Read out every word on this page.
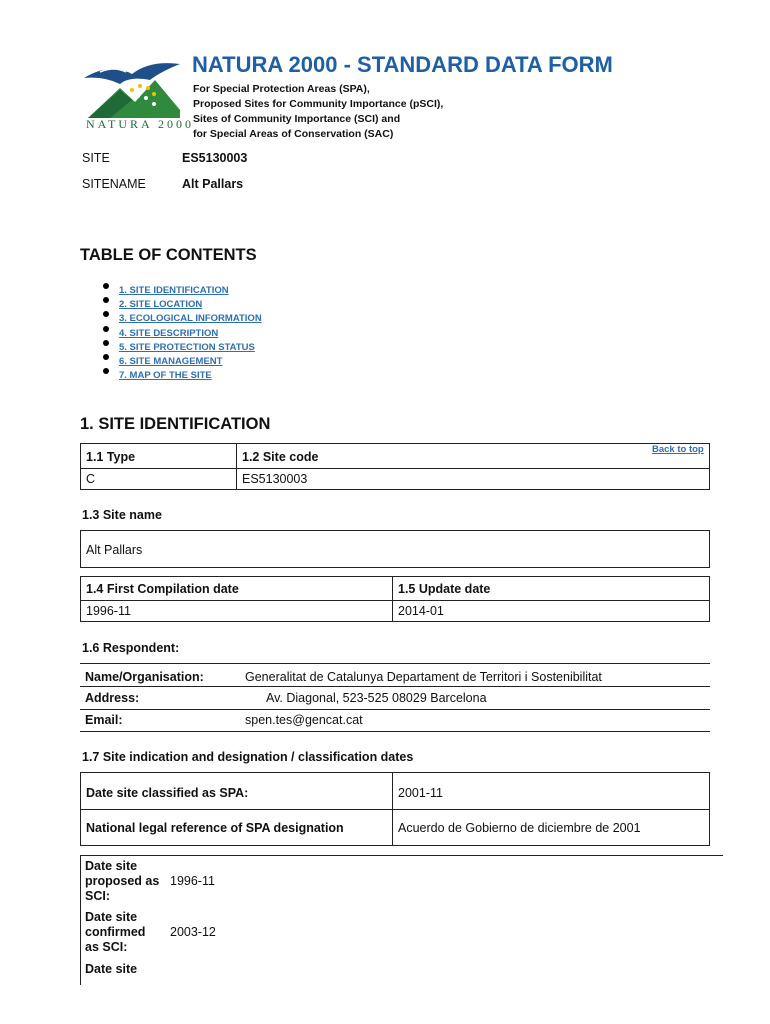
NATURA 2000
NATURA 2000 - STANDARD DATA FORM
For Special Protection Areas (SPA),
Proposed Sites for Community Importance (pSCI),
Sites of Community Importance (SCI) and
for Special Areas of Conservation (SAC)
SITE	ES5130003
SITENAME	Alt Pallars
TABLE OF CONTENTS
1. SITE IDENTIFICATION
2. SITE LOCATION
3. ECOLOGICAL INFORMATION
4. SITE DESCRIPTION
5. SITE PROTECTION STATUS
6. SITE MANAGEMENT
7. MAP OF THE SITE
1. SITE IDENTIFICATION
Back to top
1.1 Type	1.2 Site code
C	ES5130003
1.3 Site name
Alt Pallars
1.4 First Compilation date	1.5 Update date
1996-11	2014-01
1.6 Respondent:
Name/Organisation:	Generalitat de Catalunya Departament de Territori i Sostenibilitat
Address:	Av. Diagonal, 523-525 08029 Barcelona
Email:	spen.tes@gencat.cat
1.7 Site indication and designation / classification dates
Date site classified as SPA:	2001-11
National legal reference of SPA designation	Acuerdo de Gobierno de diciembre de 2001
Date site
proposed as
SCI:
1996-11
Date site
confirmed
as SCI:
2003-12
Date site
